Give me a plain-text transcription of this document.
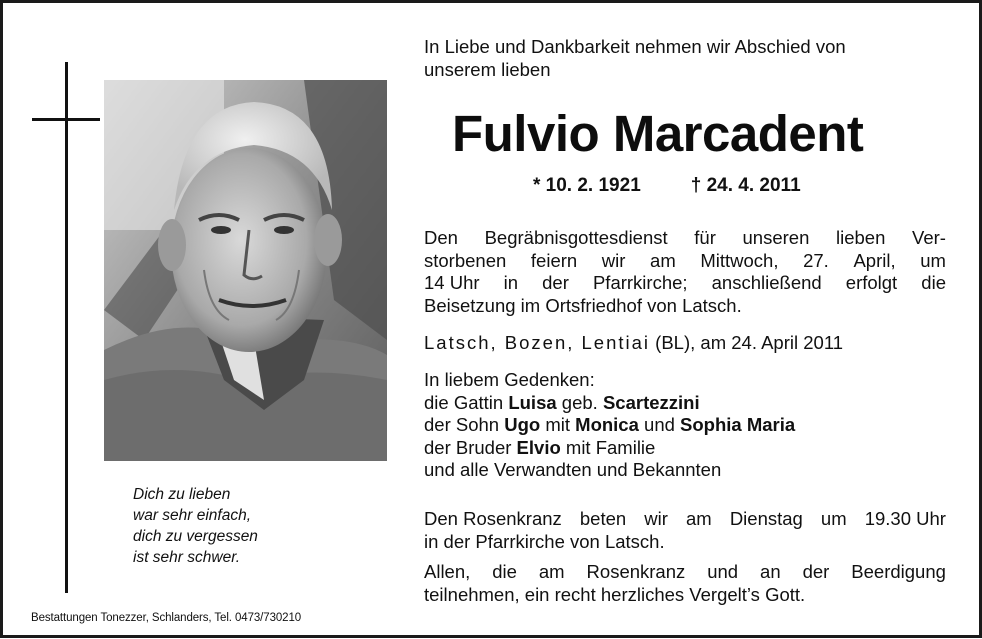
Dich zu lieben
war sehr einfach,
dich zu vergessen
ist sehr schwer.
Bestattungen Tonezzer, Schlanders, Tel. 0473/730210
In Liebe und Dankbarkeit nehmen wir Abschied von
unserem lieben
Fulvio Marcadent
* 10. 2. 1921	† 24. 4. 2011
Den Begräbnisgottesdienst für unseren lieben Ver-
storbenen feiern wir am Mittwoch, 27. April, um
14 Uhr in der Pfarrkirche; anschließend erfolgt die
Beisetzung im Ortsfriedhof von Latsch.
Latsch, Bozen, Lentiai (BL), am 24. April 2011
In liebem Gedenken:
die Gattin Luisa geb. Scartezzini
der Sohn Ugo mit Monica und Sophia Maria
der Bruder Elvio mit Familie
und alle Verwandten und Bekannten
Den Rosenkranz beten wir am Dienstag um 19.30 Uhr
in der Pfarrkirche von Latsch.
Allen, die am Rosenkranz und an der Beerdigung
teilnehmen, ein recht herzliches Vergelt’s Gott.
